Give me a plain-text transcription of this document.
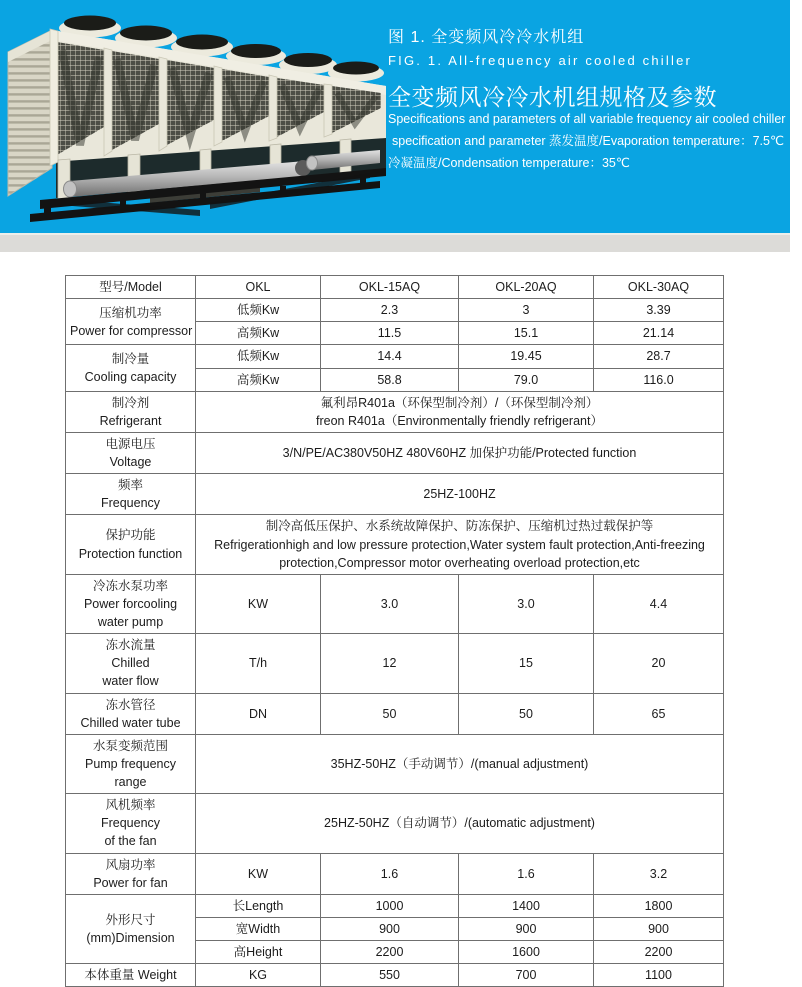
图 1. 全变频风冷冷水机组
FIG. 1. All-frequency air cooled chiller
全变频风冷冷水机组规格及参数
Specifications and parameters of all variable frequency air cooled chiller
specification and parameter 蒸发温度/Evaporation temperature：7.5℃
冷凝温度/Condensation temperature：35℃
型号/Model	OKL	OKL-15AQ	OKL-20AQ	OKL-30AQ

压缩机功率
Power for compressor	低频Kw	2.3	3	3.39

	高频Kw	11.5	15.1	21.14

制冷量
Cooling capacity	低频Kw	14.4	19.45	28.7

	高频Kw	58.8	79.0	116.0

制冷剂
Refrigerant

氟利昂R401a（环保型制冷剂）/（环保型制冷剂）
freon R401a（Environmentally friendly refrigerant）

电源电压
Voltage	3/N/PE/AC380V50HZ 480V60HZ 加保护功能/Protected function			

频率
Frequency	25HZ-100HZ			

保护功能
Protection function

制冷高低压保护、水系统故障保护、防冻保护、压缩机过热过载保护等
Refrigerationhigh and low pressure protection,Water system fault protection,Anti-freezing
protection,Compressor motor overheating overload protection,etc

冷冻水泵功率
Power forcooling
water pump	KW	3.0	3.0	4.4

冻水流量
Chilled
water flow	T/h	12	15	20

冻水管径
Chilled water tube	DN	50	50	65

水泵变频范围
Pump frequency
range	35HZ-50HZ（手动调节）/(manual adjustment)			

风机频率
Frequency
of the fan	25HZ-50HZ（自动调节）/(automatic adjustment)			

风扇功率
Power for fan	KW	1.6	1.6	3.2

外形尺寸
(mm)Dimension	长Length	1000	1400	1800

	宽Width	900	900	900

	高Height	2200	1600	2200

本体重量 Weight	KG	550	700	1100
